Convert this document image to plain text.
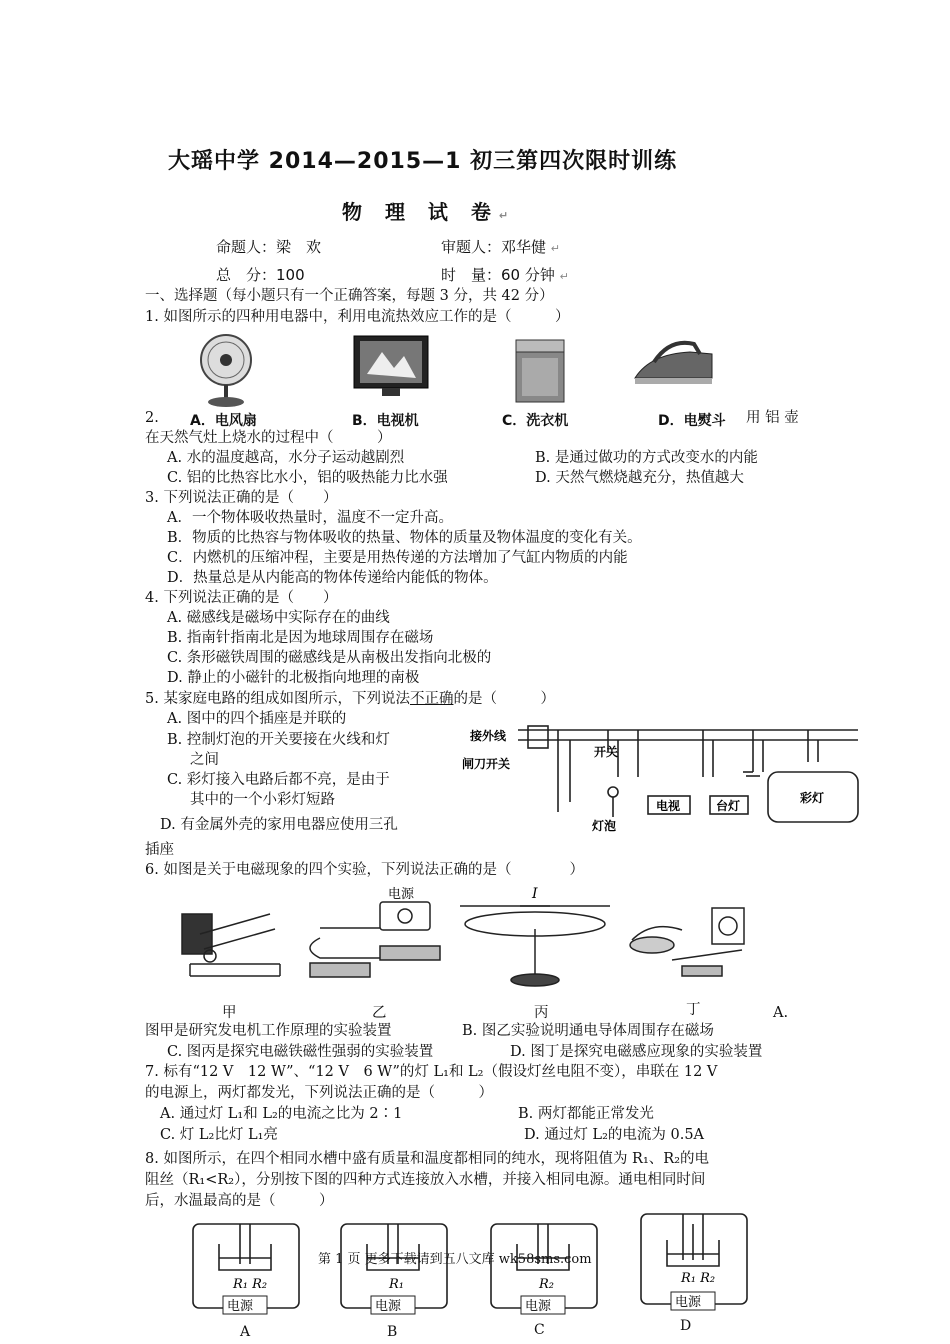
大瑶中学 2014—2015—1 初三第四次限时训练
物 理 试 卷↵
命题人：梁　欢	审题人：邓华健 ↵
总　分：100	时　量：60 分钟 ↵
一、选择题（每小题只有一个正确答案，每题 3 分，共 42 分）
1. 如图所示的四种用电器中，利用电流热效应工作的是（　　　）
A．电风扇	B．电视机	C．洗衣机	D．电熨斗
2.	用 铝 壶
在天然气灶上烧水的过程中（　　　）
A. 水的温度越高，水分子运动越剧烈	B. 是通过做功的方式改变水的内能
C. 铝的比热容比水小，铝的吸热能力比水强	D. 天然气燃烧越充分，热值越大
3. 下列说法正确的是（　　）
A．一个物体吸收热量时，温度不一定升高。
B．物质的比热容与物体吸收的热量、物体的质量及物体温度的变化有关。
C．内燃机的压缩冲程，主要是用热传递的方法增加了气缸内物质的内能
D．热量总是从内能高的物体传递给内能低的物体。
4. 下列说法正确的是（　　）
A. 磁感线是磁场中实际存在的曲线
B. 指南针指南北是因为地球周围存在磁场
C. 条形磁铁周围的磁感线是从南极出发指向北极的
D. 静止的小磁针的北极指向地理的南极
5. 某家庭电路的组成如图所示，下列说法不正确的是（　　　）
A. 图中的四个插座是并联的
B. 控制灯泡的开关要接在火线和灯
之间
C. 彩灯接入电路后都不亮，是由于
其中的一个小彩灯短路
D. 有金属外壳的家用电器应使用三孔
插座
接外线
闸刀开关
开关
灯泡
电视	台灯
彩灯
6. 如图是关于电磁现象的四个实验，下列说法正确的是（　　　　）
电源	I
甲	乙	丙	丁	A.
图甲是研究发电机工作原理的实验装置	B. 图乙实验说明通电导体周围存在磁场
C. 图丙是探究电磁铁磁性强弱的实验装置	D. 图丁是探究电磁感应现象的实验装置
7. 标有“12 V　12 W”、“12 V　6 W”的灯 L₁和 L₂（假设灯丝电阻不变），串联在 12 V
的电源上，两灯都发光，下列说法正确的是（　　　）
A. 通过灯 L₁和 L₂的电流之比为 2∶1	B. 两灯都能正常发光
C. 灯 L₂比灯 L₁亮	D. 通过灯 L₂的电流为 0.5A
8. 如图所示，在四个相同水槽中盛有质量和温度都相同的纯水，现将阻值为 R₁、R₂的电
阻丝（R₁<R₂），分别按下图的四种方式连接放入水槽，并接入相同电源。通电相同时间
后，水温最高的是（　　　）
电源
R₁ R₂
电源
R₁
电源
R₂
电源
R₁ R₂
A	B	C	D
第 1 页 更多下载请到五八文库 wk58sms.com
